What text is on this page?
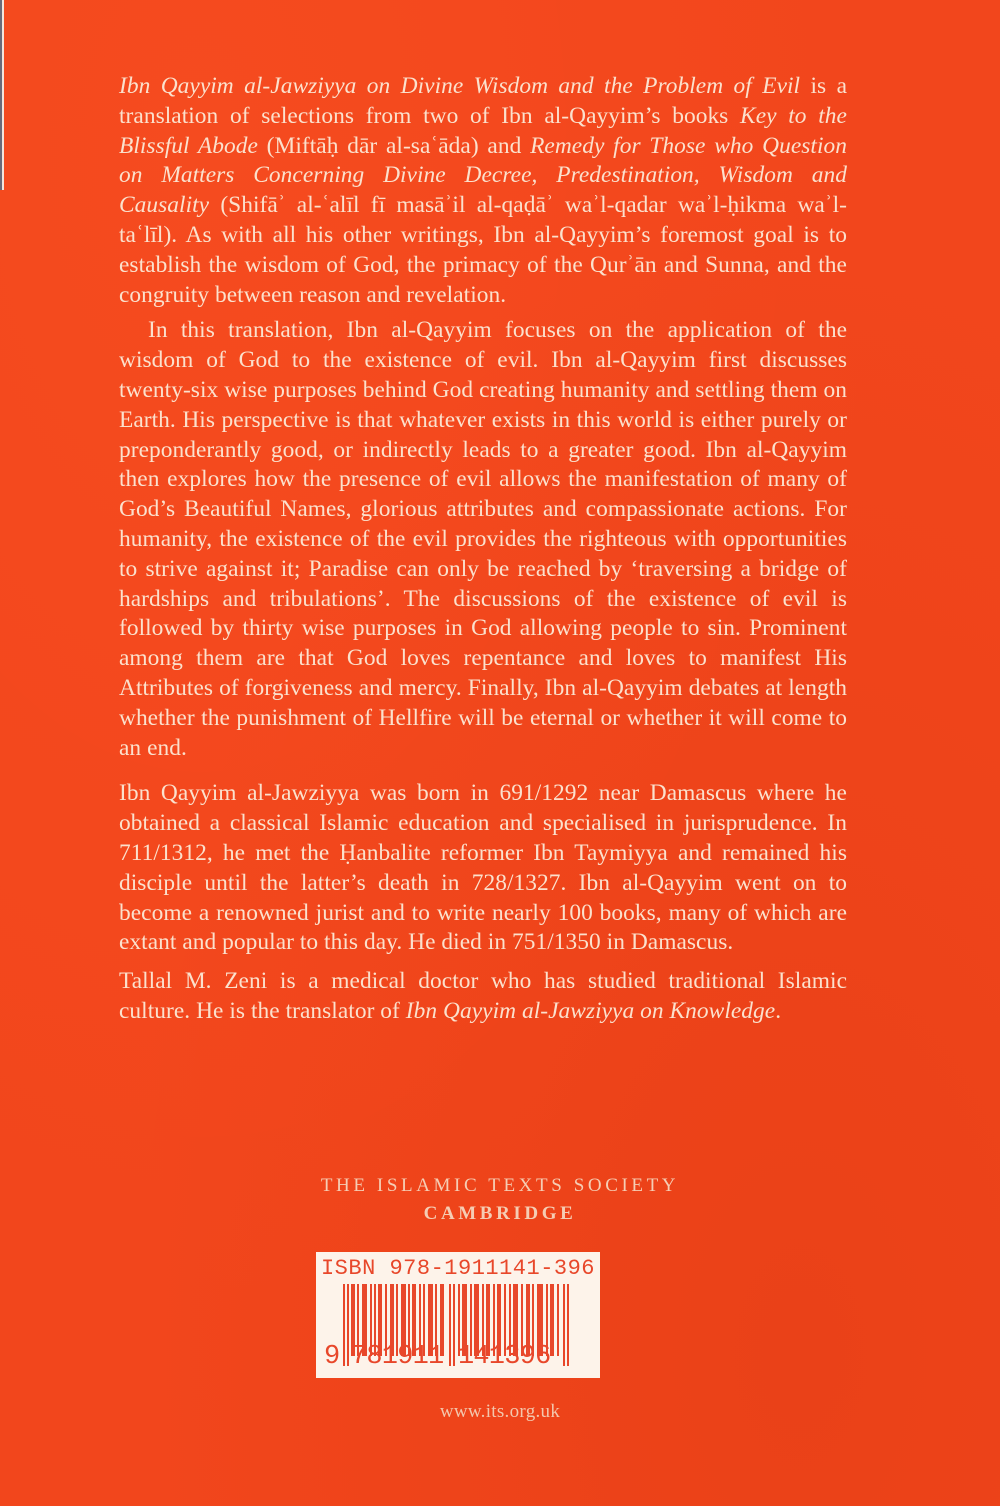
Ibn Qayyim al-Jawziyya on Divine Wisdom and the Problem of Evil is a translation of selections from two of Ibn al-Qayyim’s books Key to the Blissful Abode (Miftāḥ dār al-saʿāda) and Remedy for Those who Question on Matters Concerning Divine Decree, Predestination, Wisdom and Causality (Shifāʾ al-ʿalīl fī masāʾil al-qaḍāʾ waʾl-qadar waʾl-ḥikma waʾl-taʿlīl). As with all his other writings, Ibn al-Qayyim’s foremost goal is to establish the wisdom of God, the primacy of the Qurʾān and Sunna, and the congruity between reason and revelation.

In this translation, Ibn al-Qayyim focuses on the application of the wisdom of God to the existence of evil. Ibn al-Qayyim first discusses twenty-six wise purposes behind God creating humanity and settling them on Earth. His perspective is that whatever exists in this world is either purely or preponderantly good, or indirectly leads to a greater good. Ibn al-Qayyim then explores how the presence of evil allows the manifestation of many of God’s Beautiful Names, glorious attributes and compassionate actions. For humanity, the existence of the evil provides the righteous with opportunities to strive against it; Paradise can only be reached by ‘traversing a bridge of hardships and tribulations’. The discussions of the existence of evil is followed by thirty wise purposes in God allowing people to sin. Prominent among them are that God loves repentance and loves to manifest His Attributes of forgiveness and mercy. Finally, Ibn al-Qayyim debates at length whether the punishment of Hellfire will be eternal or whether it will come to an end.

Ibn Qayyim al-Jawziyya was born in 691/1292 near Damascus where he obtained a classical Islamic education and specialised in jurisprudence. In 711/1312, he met the Ḥanbalite reformer Ibn Taymiyya and remained his disciple until the latter’s death in 728/1327. Ibn al-Qayyim went on to become a renowned jurist and to write nearly 100 books, many of which are extant and popular to this day. He died in 751/1350 in Damascus.

Tallal M. Zeni is a medical doctor who has studied traditional Islamic culture. He is the translator of Ibn Qayyim al-Jawziyya on Knowledge.

THE ISLAMIC TEXTS SOCIETY
CAMBRIDGE
ISBN 978-1911141-396
9 781911 141396
www.its.org.uk
